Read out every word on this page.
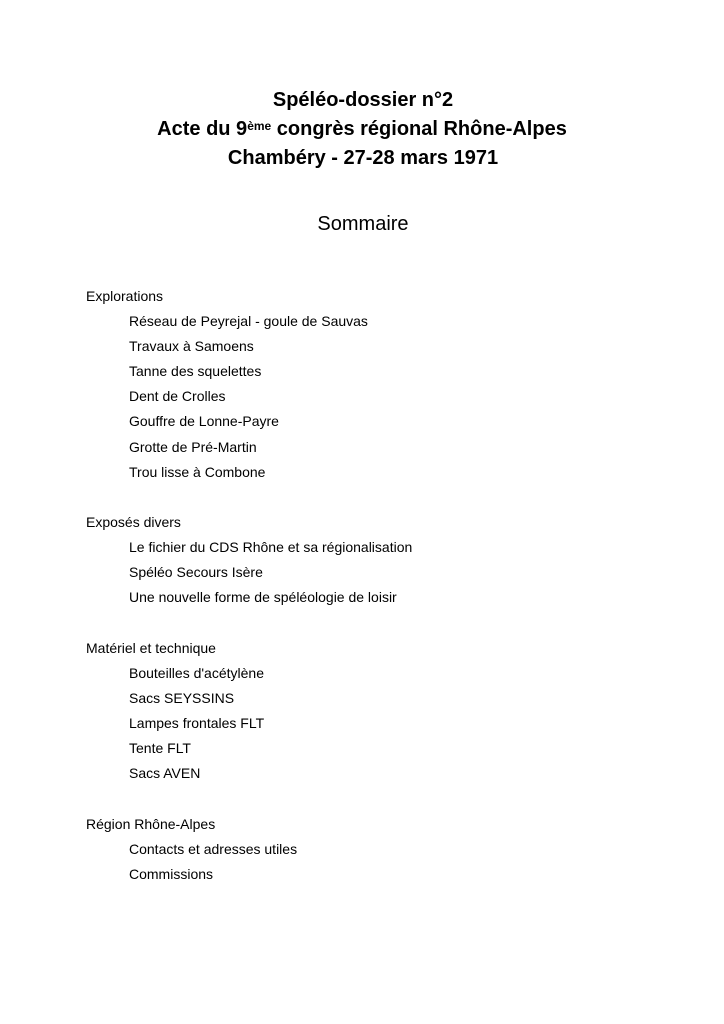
Spéléo-dossier n°2
Acte du 9ème congrès régional Rhône-Alpes
Chambéry - 27-28 mars 1971
Sommaire
Explorations
Réseau de Peyrejal - goule de Sauvas
Travaux à Samoens
Tanne des squelettes
Dent de Crolles
Gouffre de Lonne-Payre
Grotte de Pré-Martin
Trou lisse à Combone
Exposés divers
Le fichier du CDS Rhône et sa régionalisation
Spéléo Secours Isère
Une nouvelle forme de spéléologie de loisir
Matériel et technique
Bouteilles d'acétylène
Sacs SEYSSINS
Lampes frontales FLT
Tente FLT
Sacs AVEN
Région Rhône-Alpes
Contacts et adresses utiles
Commissions
